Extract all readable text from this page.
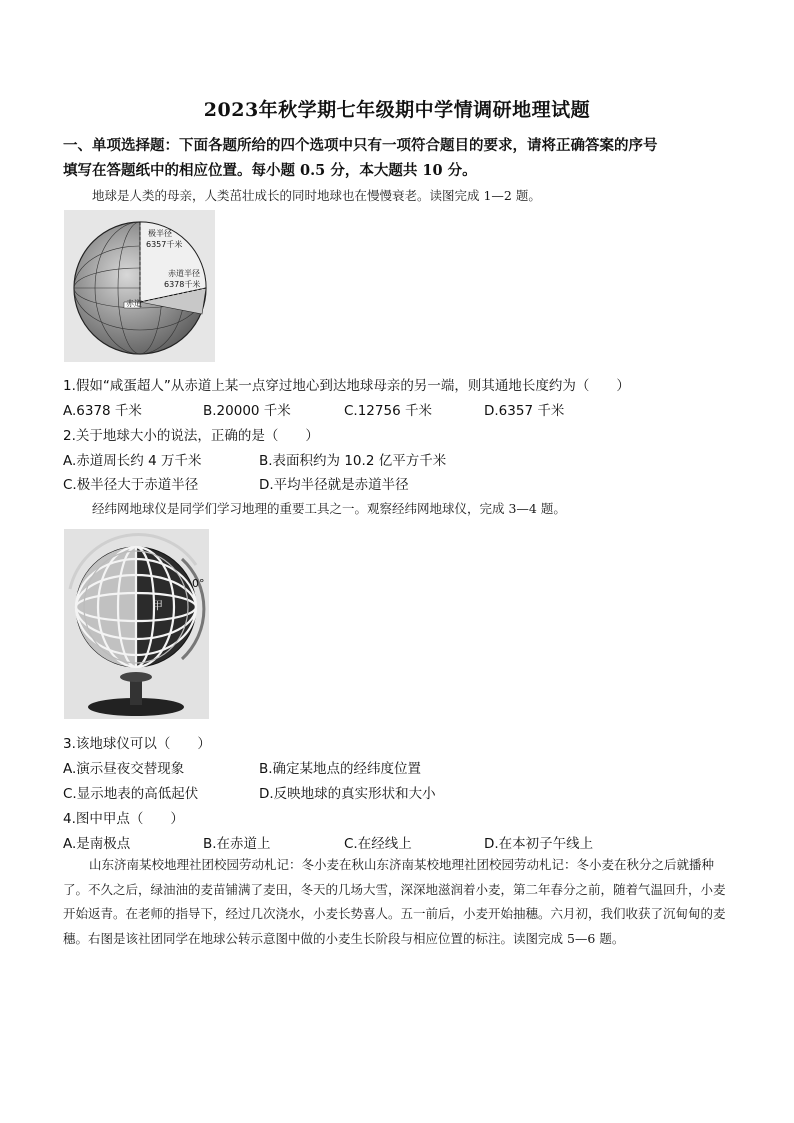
2023年秋学期七年级期中学情调研地理试题
一、单项选择题：下面各题所给的四个选项中只有一项符合题目的要求，请将正确答案的序号
填写在答题纸中的相应位置。每小题 0.5 分，本大题共 10 分。
地球是人类的母亲，人类茁壮成长的同时地球也在慢慢衰老。读图完成 1—2 题。
极半径
6357千米
赤道半径
6378千米
赤道
1.假如“咸蛋超人”从赤道上某一点穿过地心到达地球母亲的另一端，则其通地长度约为（　　）
A.6378 千米	B.20000 千米	C.12756 千米	D.6357 千米
2.关于地球大小的说法，正确的是（　　）
A.赤道周长约 4 万千米	B.表面积约为 10.2 亿平方千米
C.极半径大于赤道半径	D.平均半径就是赤道半径
经纬网地球仪是同学们学习地理的重要工具之一。观察经纬网地球仪，完成 3—4 题。
0°
甲
3.该地球仪可以（　　）
A.演示昼夜交替现象	B.确定某地点的经纬度位置
C.显示地表的高低起伏	D.反映地球的真实形状和大小
4.图中甲点（　　）
A.是南极点	B.在赤道上	C.在经线上	D.在本初子午线上
山东济南某校地理社团校园劳动札记：冬小麦在秋山东济南某校地理社团校园劳动札记：冬小麦在秋分之后就播种了。不久之后，绿油油的麦苗铺满了麦田，冬天的几场大雪，深深地滋润着小麦，第二年春分之前，随着气温回升，小麦开始返青。在老师的指导下，经过几次浇水，小麦长势喜人。五一前后，小麦开始抽穗。六月初，我们收获了沉甸甸的麦穗。右图是该社团同学在地球公转示意图中做的小麦生长阶段与相应位置的标注。读图完成 5—6 题。
